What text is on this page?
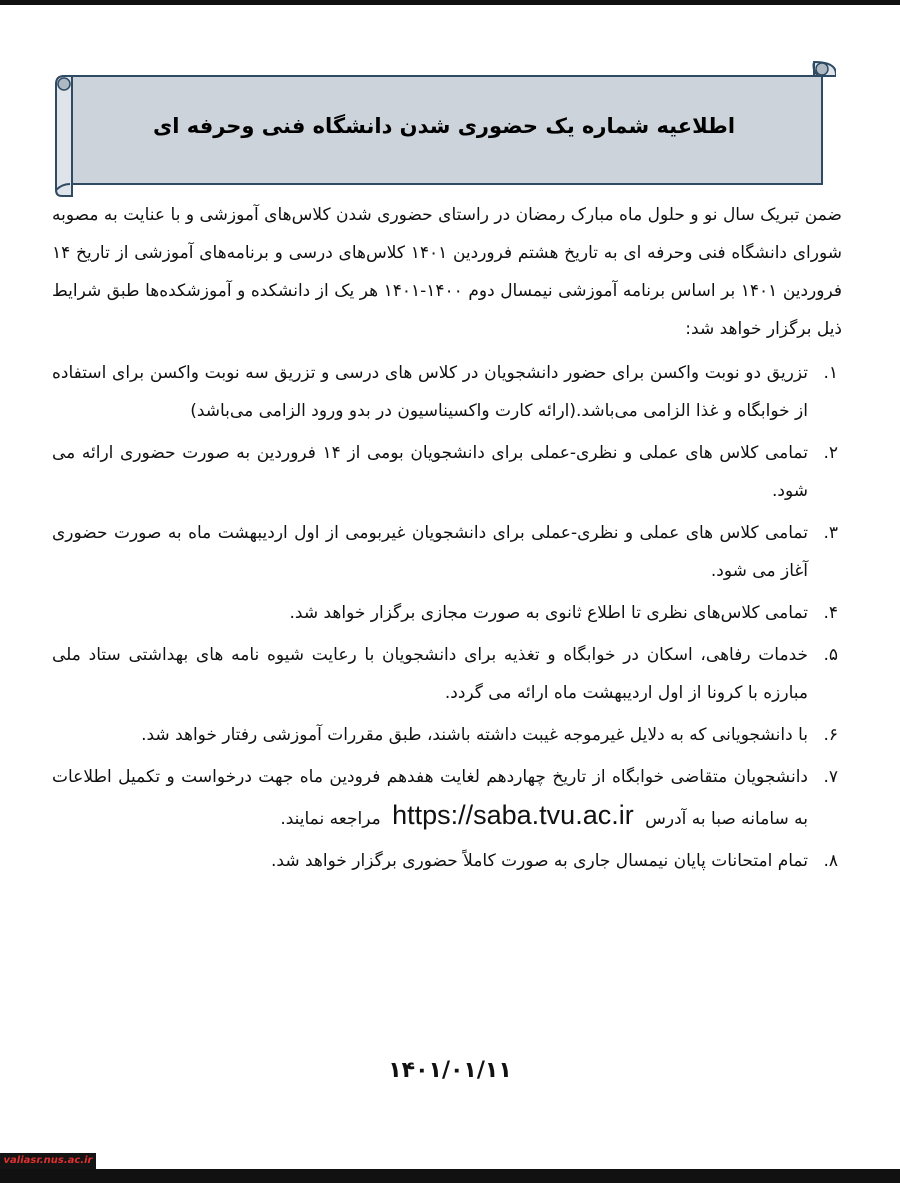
اطلاعیه شماره یک حضوری شدن دانشگاه فنی وحرفه ای

ضمن تبریک سال نو و حلول ماه مبارک رمضان در راستای حضوری شدن کلاس‌های آموزشی و با عنایت به مصوبه شورای دانشگاه فنی وحرفه ای به تاریخ هشتم فروردین ۱۴۰۱ کلاس‌های درسی و برنامه‌های آموزشی از تاریخ ۱۴ فروردین ۱۴۰۱ بر اساس برنامه آموزشی نیمسال دوم ۱۴۰۰-۱۴۰۱ هر یک از دانشکده و آموزشکده‌ها طبق شرایط ذیل برگزار خواهد شد:

۱.
تزریق دو نوبت واکسن برای حضور دانشجویان در کلاس های درسی و تزریق سه نوبت واکسن برای استفاده از خوابگاه و غذا الزامی می‌باشد.(ارائه کارت واکسیناسیون در بدو ورود الزامی می‌باشد)
۲.
تمامی کلاس های عملی و نظری-عملی برای دانشجویان بومی از ۱۴ فروردین به صورت حضوری ارائه می شود.
۳.
تمامی کلاس های عملی و نظری-عملی برای دانشجویان غیربومی از اول اردیبهشت ماه به صورت حضوری آغاز می شود.
۴.
تمامی کلاس‌های نظری تا اطلاع ثانوی به صورت مجازی برگزار خواهد شد.
۵.
خدمات رفاهی، اسکان در خوابگاه و تغذیه برای دانشجویان با رعایت شیوه نامه های بهداشتی ستاد ملی مبارزه با کرونا از اول اردیبهشت ماه ارائه می گردد.
۶.
با دانشجویانی که به دلایل غیرموجه غیبت داشته باشند، طبق مقررات آموزشی رفتار خواهد شد.
۷.
دانشجویان متقاضی خوابگاه از تاریخ چهاردهم لغایت هفدهم فرودین ماه جهت درخواست و تکمیل اطلاعات به سامانه صبا به آدرس https://saba.tvu.ac.ir مراجعه نمایند.
۸.
تمام امتحانات پایان نیمسال جاری به صورت کاملاً حضوری برگزار خواهد شد.
۱۴۰۱/۰۱/۱۱
valiasr.nus.ac.ir
